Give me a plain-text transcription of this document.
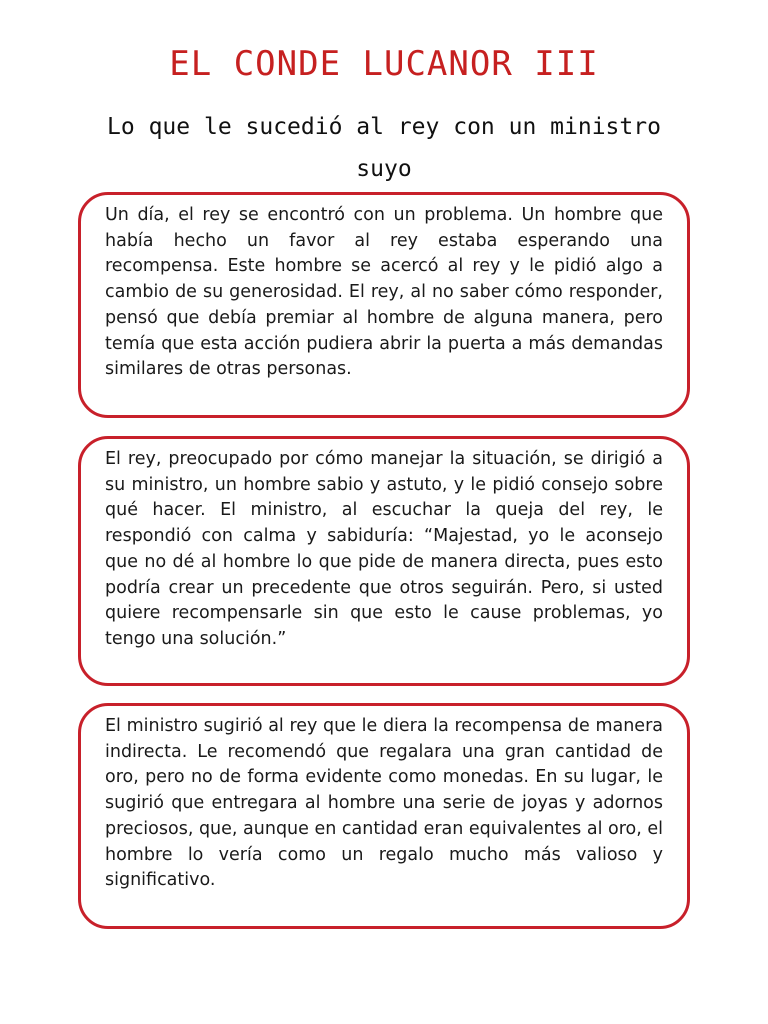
EL CONDE LUCANOR III
Lo que le sucedió al rey con un ministro suyo

Un día, el rey se encontró con un problema. Un hombre que había hecho un favor al rey estaba esperando una recompensa. Este hombre se acercó al rey y le pidió algo a cambio de su generosidad. El rey, al no saber cómo responder, pensó que debía premiar al hombre de alguna manera, pero temía que esta acción pudiera abrir la puerta a más demandas similares de otras personas.

El rey, preocupado por cómo manejar la situación, se dirigió a su ministro, un hombre sabio y astuto, y le pidió consejo sobre qué hacer. El ministro, al escuchar la queja del rey, le respondió con calma y sabiduría: “Majestad, yo le aconsejo que no dé al hombre lo que pide de manera directa, pues esto podría crear un precedente que otros seguirán. Pero, si usted quiere recompensarle sin que esto le cause problemas, yo tengo una solución.”

El ministro sugirió al rey que le diera la recompensa de manera indirecta. Le recomendó que regalara una gran cantidad de oro, pero no de forma evidente como monedas. En su lugar, le sugirió que entregara al hombre una serie de joyas y adornos preciosos, que, aunque en cantidad eran equivalentes al oro, el hombre lo vería como un regalo mucho más valioso y significativo.
